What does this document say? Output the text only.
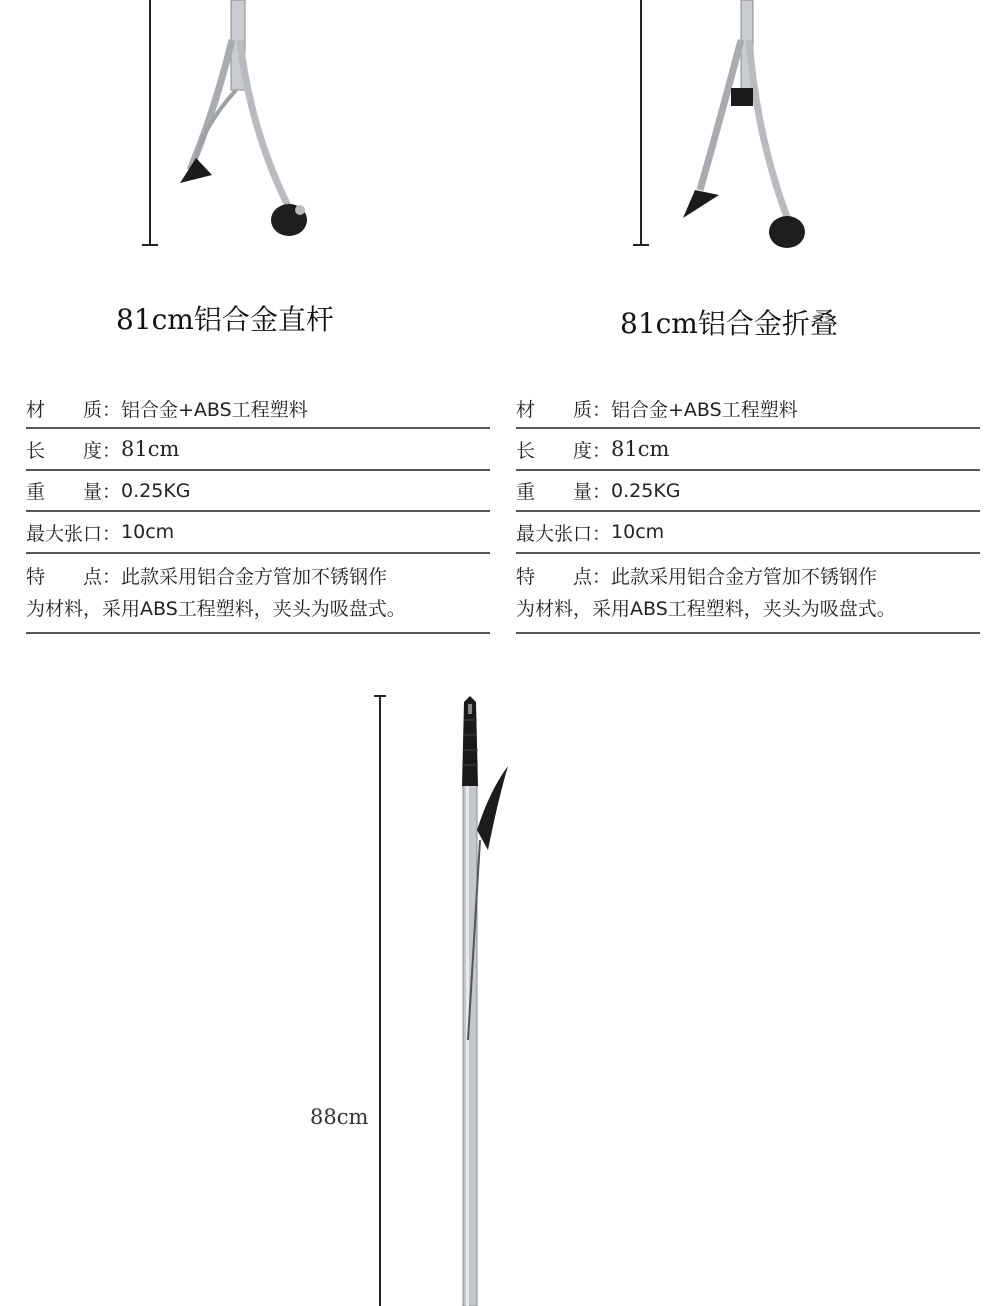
81cm铝合金直杆	81cm铝合金折叠
材　　质： 铝合金+ABS工程塑料
长　　度： 81cm
重　　量： 0.25KG
最大张口： 10cm
特　　点：此款采用铝合金方管加不锈钢作
为材料，采用ABS工程塑料，夹头为吸盘式。
材　　质： 铝合金+ABS工程塑料
长　　度： 81cm
重　　量： 0.25KG
最大张口： 10cm
特　　点：此款采用铝合金方管加不锈钢作
为材料，采用ABS工程塑料，夹头为吸盘式。
88cm
